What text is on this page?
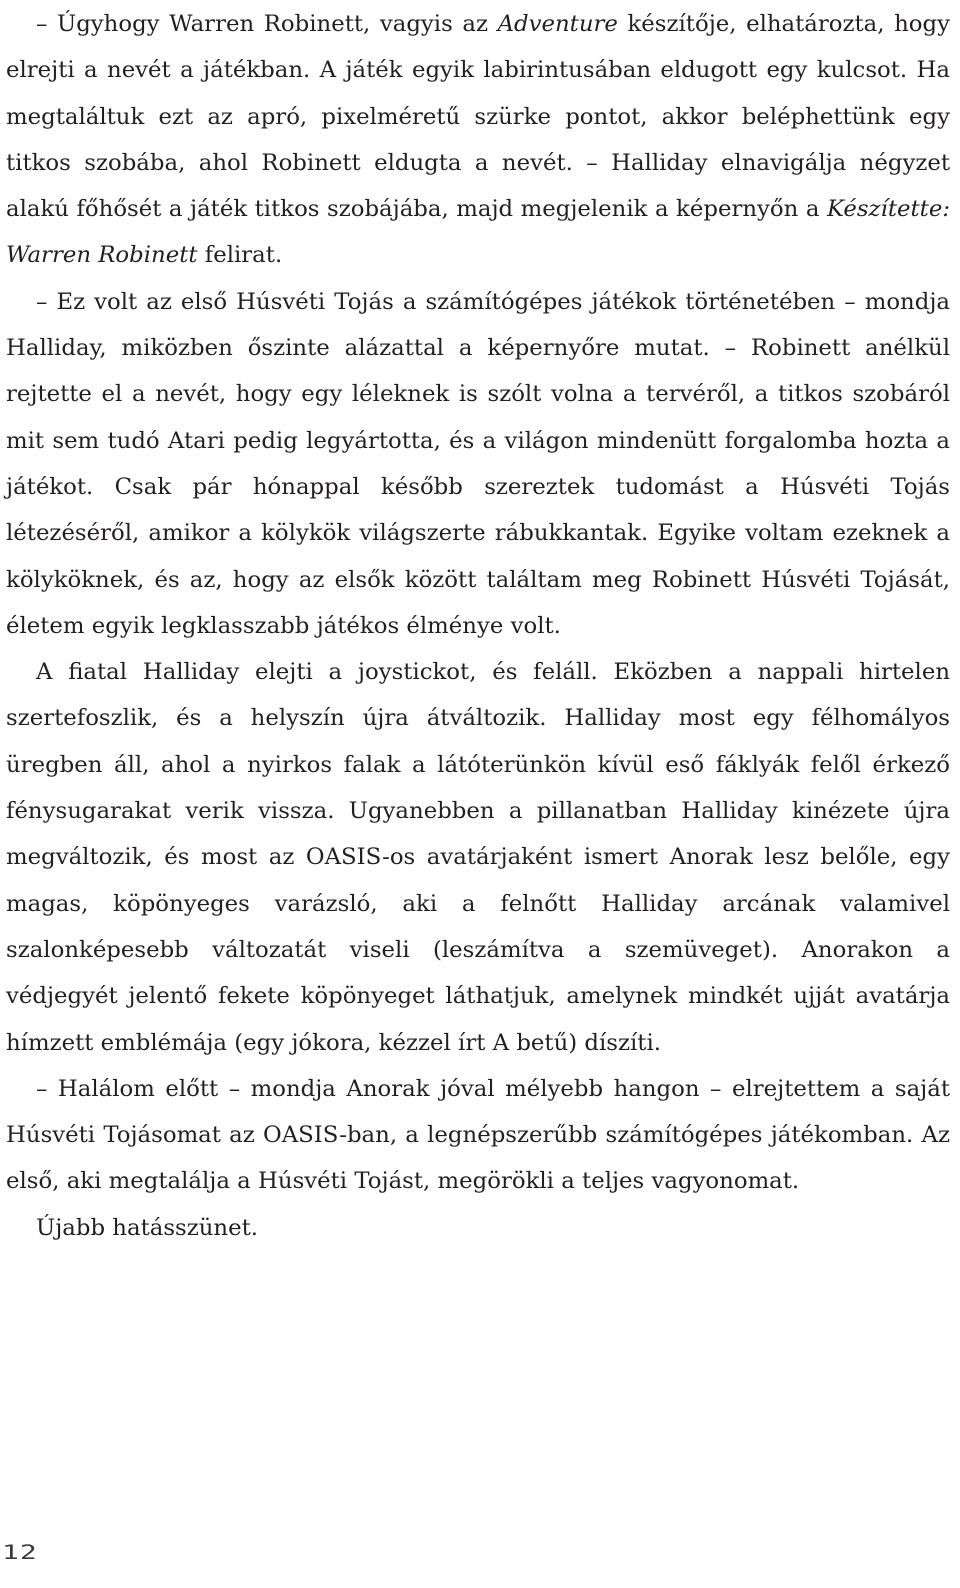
– Úgyhogy Warren Robinett, vagyis az Adventure készítője, elhatározta, hogy elrejti a nevét a játékban. A játék egyik labirintusában eldugott egy kulcsot. Ha megtaláltuk ezt az apró, pixelméretű szürke pontot, akkor beléphettünk egy titkos szobába, ahol Robinett eldugta a nevét. – Halliday elnavigálja négyzet alakú főhősét a játék titkos szobájába, majd megjelenik a képernyőn a Készítette: Warren Robinett felirat.

– Ez volt az első Húsvéti Tojás a számítógépes játékok történetében – mondja Halliday, miközben őszinte alázattal a képernyőre mutat. – Robinett anélkül rejtette el a nevét, hogy egy léleknek is szólt volna a tervéről, a titkos szobáról mit sem tudó Atari pedig legyártotta, és a világon mindenütt forgalomba hozta a játékot. Csak pár hónappal később szereztek tudomást a Húsvéti Tojás létezéséről, amikor a kölykök világszerte rábukkantak. Egyike voltam ezeknek a kölyköknek, és az, hogy az elsők között találtam meg Robinett Húsvéti Tojását, életem egyik legklasszabb játékos élménye volt.

A fiatal Halliday elejti a joystickot, és feláll. Eközben a nappali hirtelen szertefoszlik, és a helyszín újra átváltozik. Halliday most egy félhomályos üregben áll, ahol a nyirkos falak a látóterünkön kívül eső fáklyák felől érkező fénysugarakat verik vissza. Ugyanebben a pillanatban Halliday kinézete újra megváltozik, és most az OASIS-os avatárjaként ismert Anorak lesz belőle, egy magas, köpönyeges varázsló, aki a felnőtt Halliday arcának valamivel szalonképesebb változatát viseli (leszámítva a szemüveget). Anorakon a védjegyét jelentő fekete köpönyeget láthatjuk, amelynek mindkét ujját avatárja hímzett emblémája (egy jókora, kézzel írt A betű) díszíti.

– Halálom előtt – mondja Anorak jóval mélyebb hangon – elrejtettem a saját Húsvéti Tojásomat az OASIS-ban, a legnépszerűbb számítógépes játékomban. Az első, aki megtalálja a Húsvéti Tojást, megörökli a teljes vagyonomat.

Újabb hatásszünet.

12
